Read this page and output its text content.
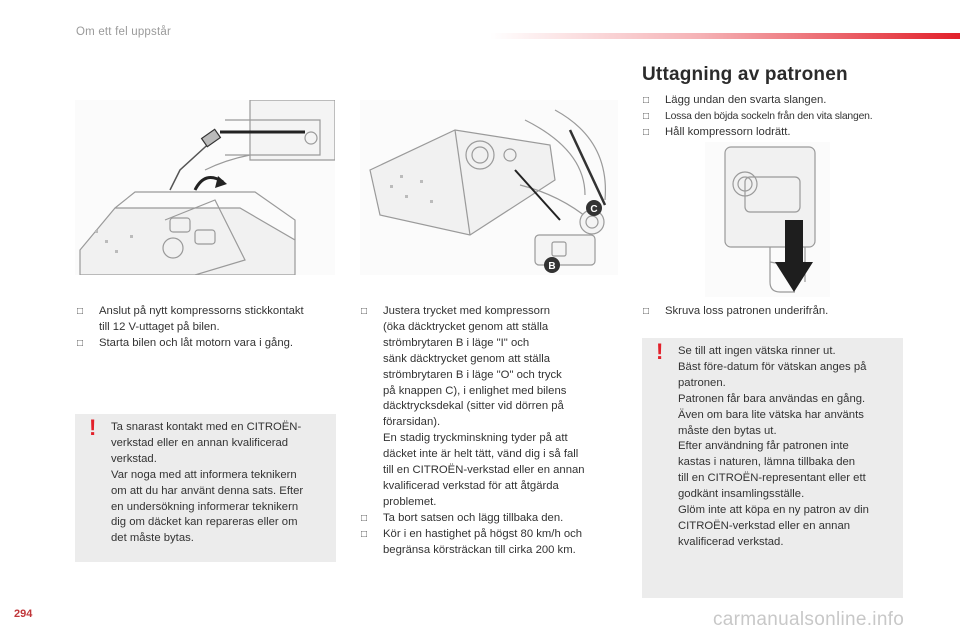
Om ett fel uppstår
Uttagning av patronen
□ Lägg undan den svarta slangen.
□ Lossa den böjda sockeln från den vita slangen.
□ Håll kompressorn lodrätt.
C
B
□ Anslut på nytt kompressorns stickkontakt
till 12 V-uttaget på bilen.
□ Starta bilen och låt motorn vara i gång.
! Ta snarast kontakt med en CITROËN-

verkstad eller en annan kvalificerad

verkstad.

Var noga med att informera teknikern

om att du har använt denna sats. Efter

en undersökning informerar teknikern

dig om däcket kan repareras eller om

det måste bytas.

□ Justera trycket med kompressorn
(öka däcktrycket genom att ställa
strömbrytaren B i läge "I" och
sänk däcktrycket genom att ställa
strömbrytaren B i läge "O" och tryck
på knappen C), i enlighet med bilens
däcktrycksdekal (sitter vid dörren på
förarsidan).
En stadig tryckminskning tyder på att
däcket inte är helt tätt, vänd dig i så fall
till en CITROËN-verkstad eller en annan
kvalificerad verkstad för att åtgärda
problemet.
□ Ta bort satsen och lägg tillbaka den.
□ Kör i en hastighet på högst 80 km/h och
begränsa körsträckan till cirka 200 km.
□ Skruva loss patronen underifrån.
! Se till att ingen vätska rinner ut.

Bäst före-datum för vätskan anges på

patronen.

Patronen får bara användas en gång.

Även om bara lite vätska har använts

måste den bytas ut.

Efter användning får patronen inte

kastas i naturen, lämna tillbaka den

till en CITROËN-representant eller ett

godkänt insamlingsställe.

Glöm inte att köpa en ny patron av din

CITROËN-verkstad eller en annan

kvalificerad verkstad.

294	carmanualsonline.info
